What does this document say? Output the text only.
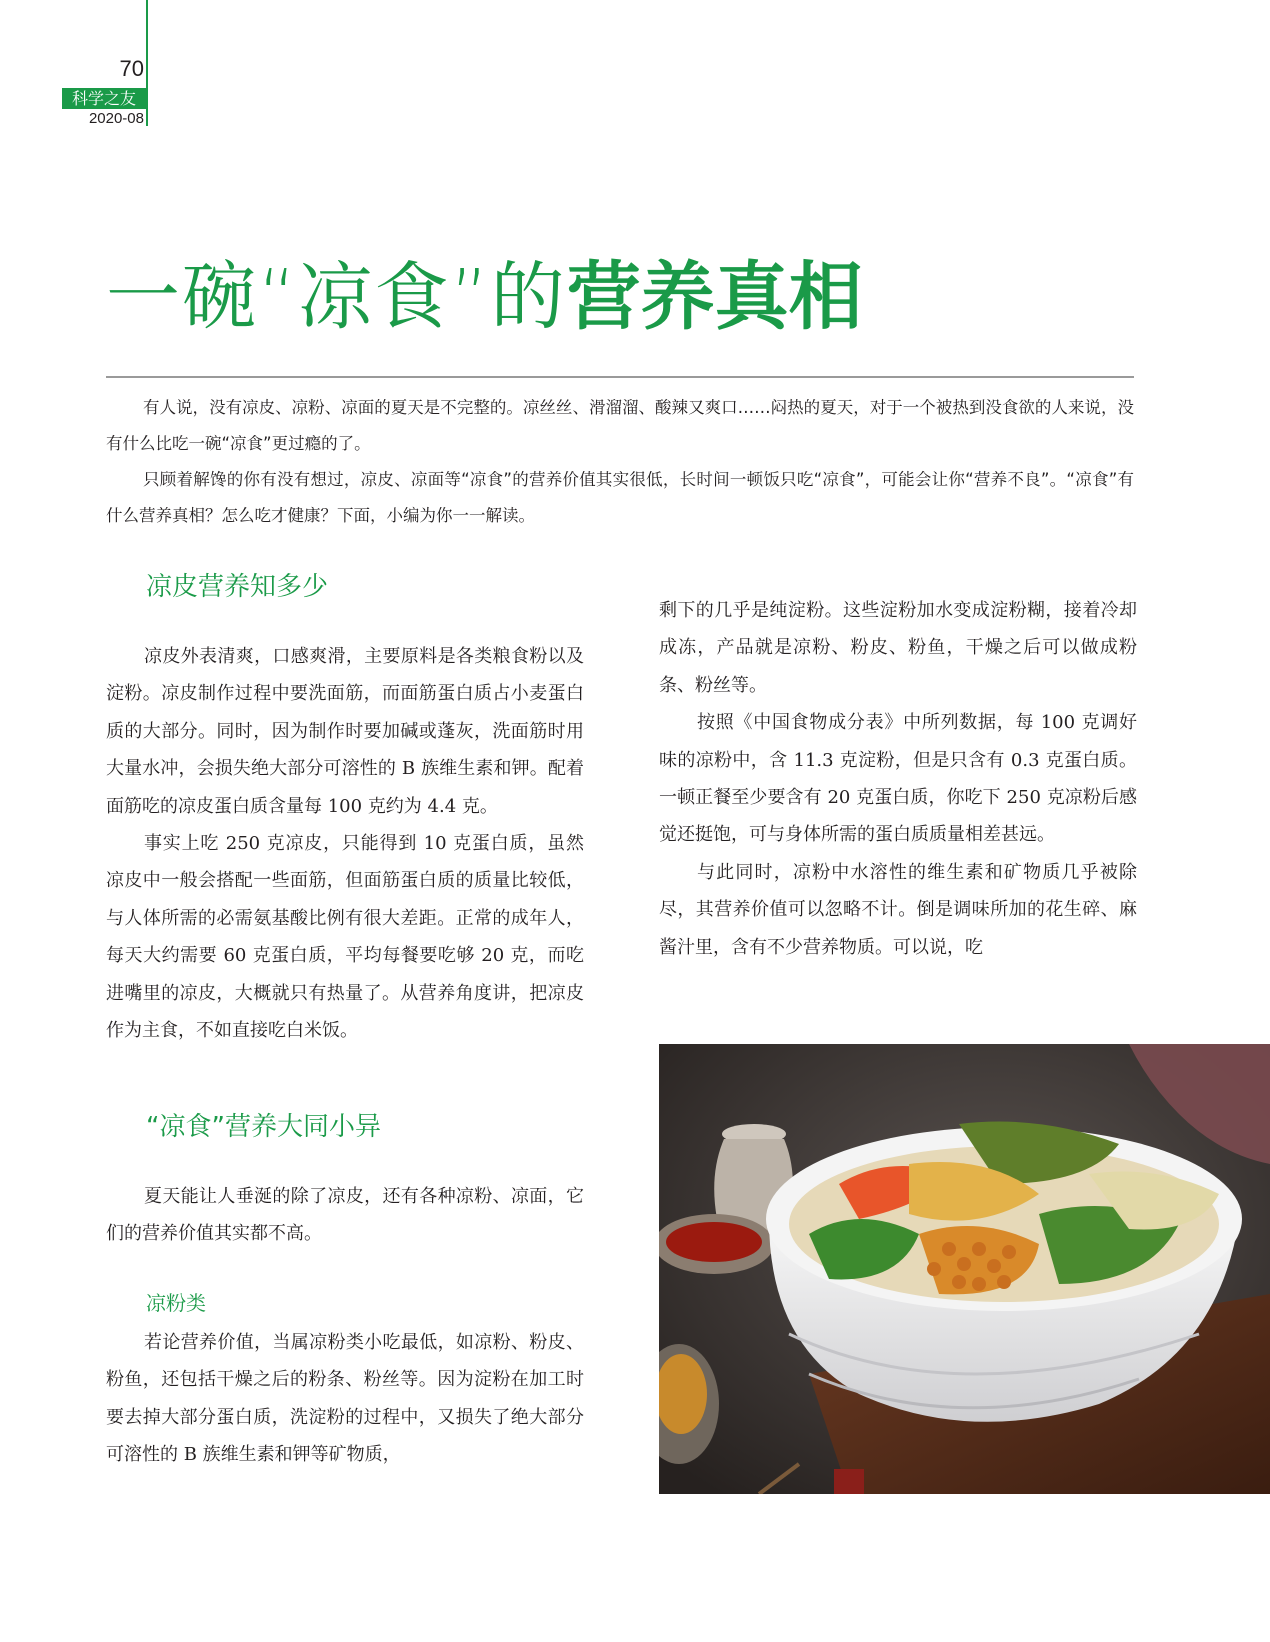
70
科学之友
2020-08
一碗“凉食”的营养真相

有人说，没有凉皮、凉粉、凉面的夏天是不完整的。凉丝丝、滑溜溜、酸辣又爽口……闷热的夏天，对于一个被热到没食欲的人来说，没有什么比吃一碗“凉食”更过瘾的了。

只顾着解馋的你有没有想过，凉皮、凉面等“凉食”的营养价值其实很低，长时间一顿饭只吃“凉食”，可能会让你“营养不良”。“凉食”有什么营养真相？怎么吃才健康？下面，小编为你一一解读。

凉皮营养知多少

凉皮外表清爽，口感爽滑，主要原料是各类粮食粉以及淀粉。凉皮制作过程中要洗面筋，而面筋蛋白质占小麦蛋白质的大部分。同时，因为制作时要加碱或蓬灰，洗面筋时用大量水冲，会损失绝大部分可溶性的 B 族维生素和钾。配着面筋吃的凉皮蛋白质含量每 100 克约为 4.4 克。

事实上吃 250 克凉皮，只能得到 10 克蛋白质，虽然凉皮中一般会搭配一些面筋，但面筋蛋白质的质量比较低，与人体所需的必需氨基酸比例有很大差距。正常的成年人，每天大约需要 60 克蛋白质，平均每餐要吃够 20 克，而吃进嘴里的凉皮，大概就只有热量了。从营养角度讲，把凉皮作为主食，不如直接吃白米饭。

“凉食”营养大同小异

夏天能让人垂涎的除了凉皮，还有各种凉粉、凉面，它们的营养价值其实都不高。

凉粉类

若论营养价值，当属凉粉类小吃最低，如凉粉、粉皮、粉鱼，还包括干燥之后的粉条、粉丝等。因为淀粉在加工时要去掉大部分蛋白质，洗淀粉的过程中，又损失了绝大部分可溶性的 B 族维生素和钾等矿物质，

剩下的几乎是纯淀粉。这些淀粉加水变成淀粉糊，接着冷却成冻，产品就是凉粉、粉皮、粉鱼，干燥之后可以做成粉条、粉丝等。

按照《中国食物成分表》中所列数据，每 100 克调好味的凉粉中，含 11.3 克淀粉，但是只含有 0.3 克蛋白质。一顿正餐至少要含有 20 克蛋白质，你吃下 250 克凉粉后感觉还挺饱，可与身体所需的蛋白质质量相差甚远。

与此同时，凉粉中水溶性的维生素和矿物质几乎被除尽，其营养价值可以忽略不计。倒是调味所加的花生碎、麻酱汁里，含有不少营养物质。可以说，吃
